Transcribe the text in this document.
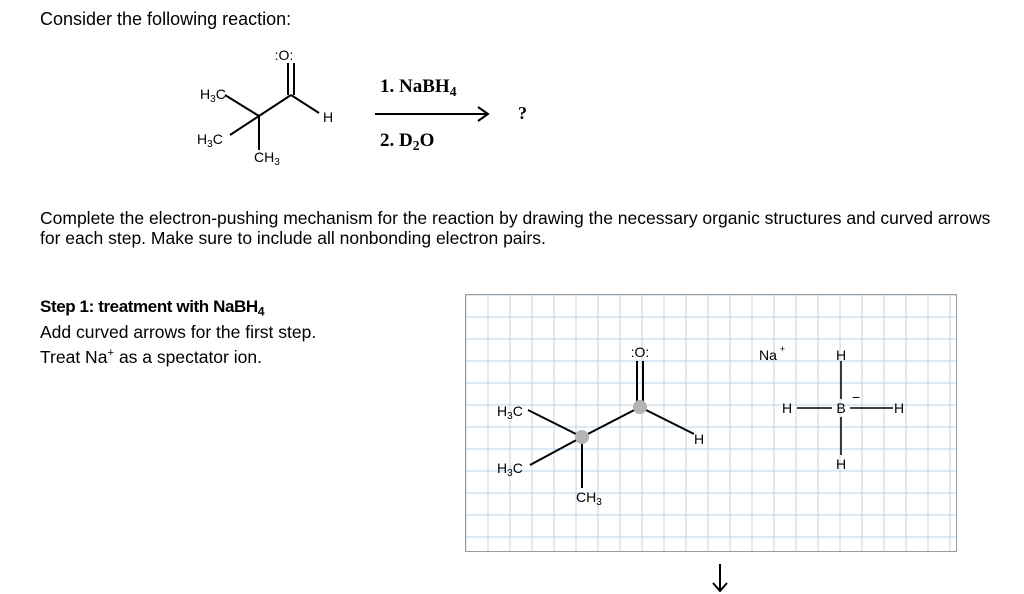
Consider the following reaction:
:O:
$H_3C$
$H_3C$
$CH_3$
H
1. NaBH$_4$
2. $D_2O$
?
Complete the electron-pushing mechanism for the reaction by drawing the necessary organic structures and curved arrows for each step. Make sure to include all nonbonding electron pairs.
Step 1: treatment with NaBH$_4$
Add curved arrows for the first step.
Treat Na+ as a spectator ion.	:O:
$H_3C$
$H_3C$
$CH_3$
H
Na +	H
H	B
−
H
H
